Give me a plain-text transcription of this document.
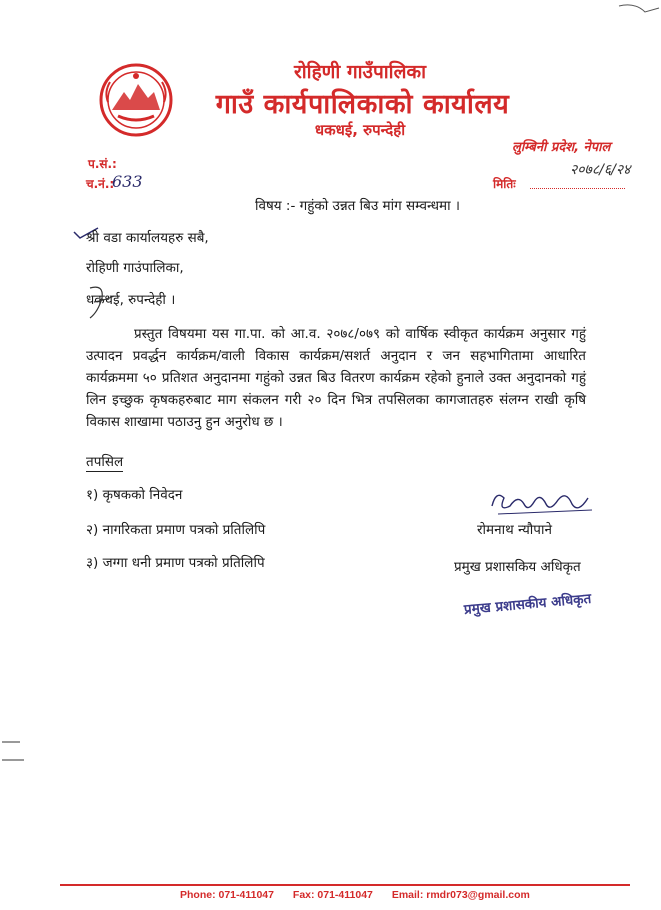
रोहिणी गाउँपालिका
गाउँ कार्यपालिकाको कार्यालय
धकधई, रुपन्देही
लुम्बिनी प्रदेश, नेपाल
प.सं.:
च.नं.:
633
२०७८/६/२४
मितिः
विषय :- गहुंको उन्नत बिउ मांग सम्वन्धमा ।
श्री वडा कार्यालयहरु सबै,
रोहिणी गाउंपालिका,
धकधई, रुपन्देही ।
प्रस्तुत विषयमा यस गा.पा. को आ.व. २०७८/०७९ को वार्षिक स्वीकृत कार्यक्रम अनुसार गहुं उत्पादन प्रवर्द्धन कार्यक्रम/वाली विकास कार्यक्रम/सशर्त अनुदान र जन सहभागितामा आधारित कार्यक्रममा ५० प्रतिशत अनुदानमा गहुंको उन्नत बिउ वितरण कार्यक्रम रहेको हुनाले उक्त अनुदानको गहुं लिन इच्छुक कृषकहरुबाट माग संकलन गरी २० दिन भित्र तपसिलका कागजातहरु संलग्न राखी कृषि विकास शाखामा पठाउनु हुन अनुरोध छ ।
तपसिल
१) कृषकको निवेदन
२) नागरिकता प्रमाण पत्रको प्रतिलिपि
३) जग्गा धनी प्रमाण पत्रको प्रतिलिपि
रोमनाथ न्यौपाने
प्रमुख प्रशासकिय अधिकृत
प्रमुख प्रशासकीय अधिकृत
Phone: 071-411047 Fax: 071-411047 Email: rmdr073@gmail.com
